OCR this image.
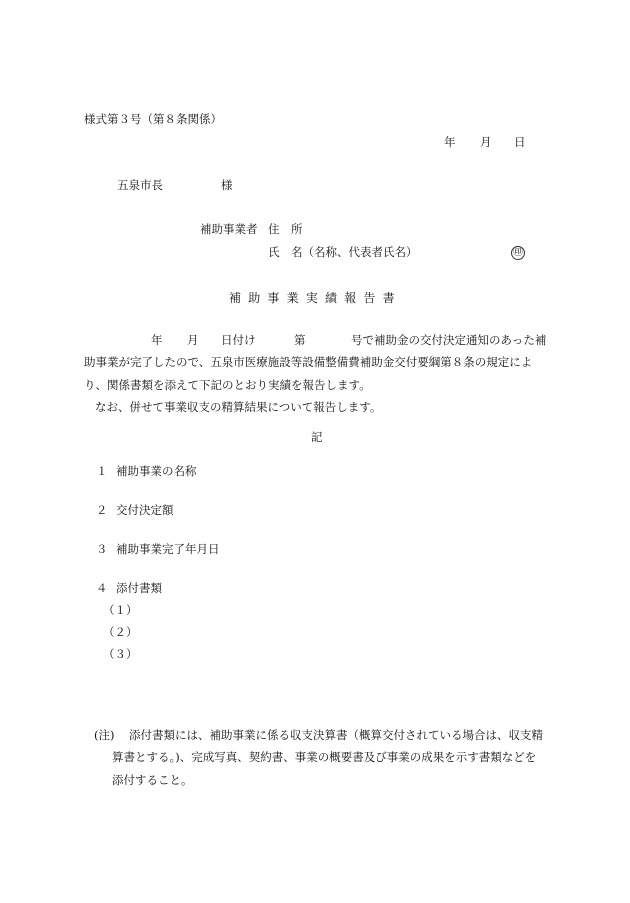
様式第３号（第８条関係）
年 月 日
五泉市長	様
補助事業者 住　所
氏　名（名称、代表者氏名）	㊞
補助事業実績報告書
年 月 日付け	第	号で補助金の交付決定通知のあった補
助事業が完了したので、五泉市医療施設等設備整備費補助金交付要綱第８条の規定によ
り、関係書類を添えて下記のとおり実績を報告します。
なお、併せて事業収支の精算結果について報告します。
記
１ 補助事業の名称
２ 交付決定額
３ 補助事業完了年月日
４ 添付書類
（１）
（２）
（３）
(注) 添付書類には、補助事業に係る収支決算書（概算交付されている場合は、収支精
算書とする。)、完成写真、契約書、事業の概要書及び事業の成果を示す書類などを
添付すること。
